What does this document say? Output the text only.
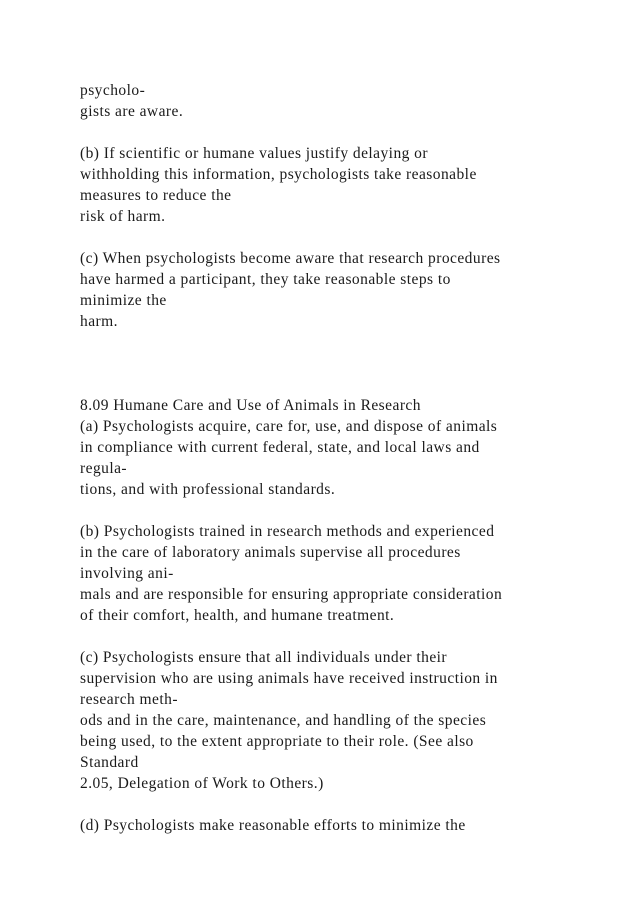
psycholo-
gists are aware.
(b) If scientific or humane values justify delaying or
withholding this information, psychologists take reasonable
measures to reduce the
risk of harm.
(c) When psychologists become aware that research procedures
have harmed a participant, they take reasonable steps to
minimize the
harm.
8.09 Humane Care and Use of Animals in Research
(a) Psychologists acquire, care for, use, and dispose of animals
in compliance with current federal, state, and local laws and
regula-
tions, and with professional standards.
(b) Psychologists trained in research methods and experienced
in the care of laboratory animals supervise all procedures
involving ani-
mals and are responsible for ensuring appropriate consideration
of their comfort, health, and humane treatment.
(c) Psychologists ensure that all individuals under their
supervision who are using animals have received instruction in
research meth-
ods and in the care, maintenance, and handling of the species
being used, to the extent appropriate to their role. (See also
Standard
2.05, Delegation of Work to Others.)
(d) Psychologists make reasonable efforts to minimize the
